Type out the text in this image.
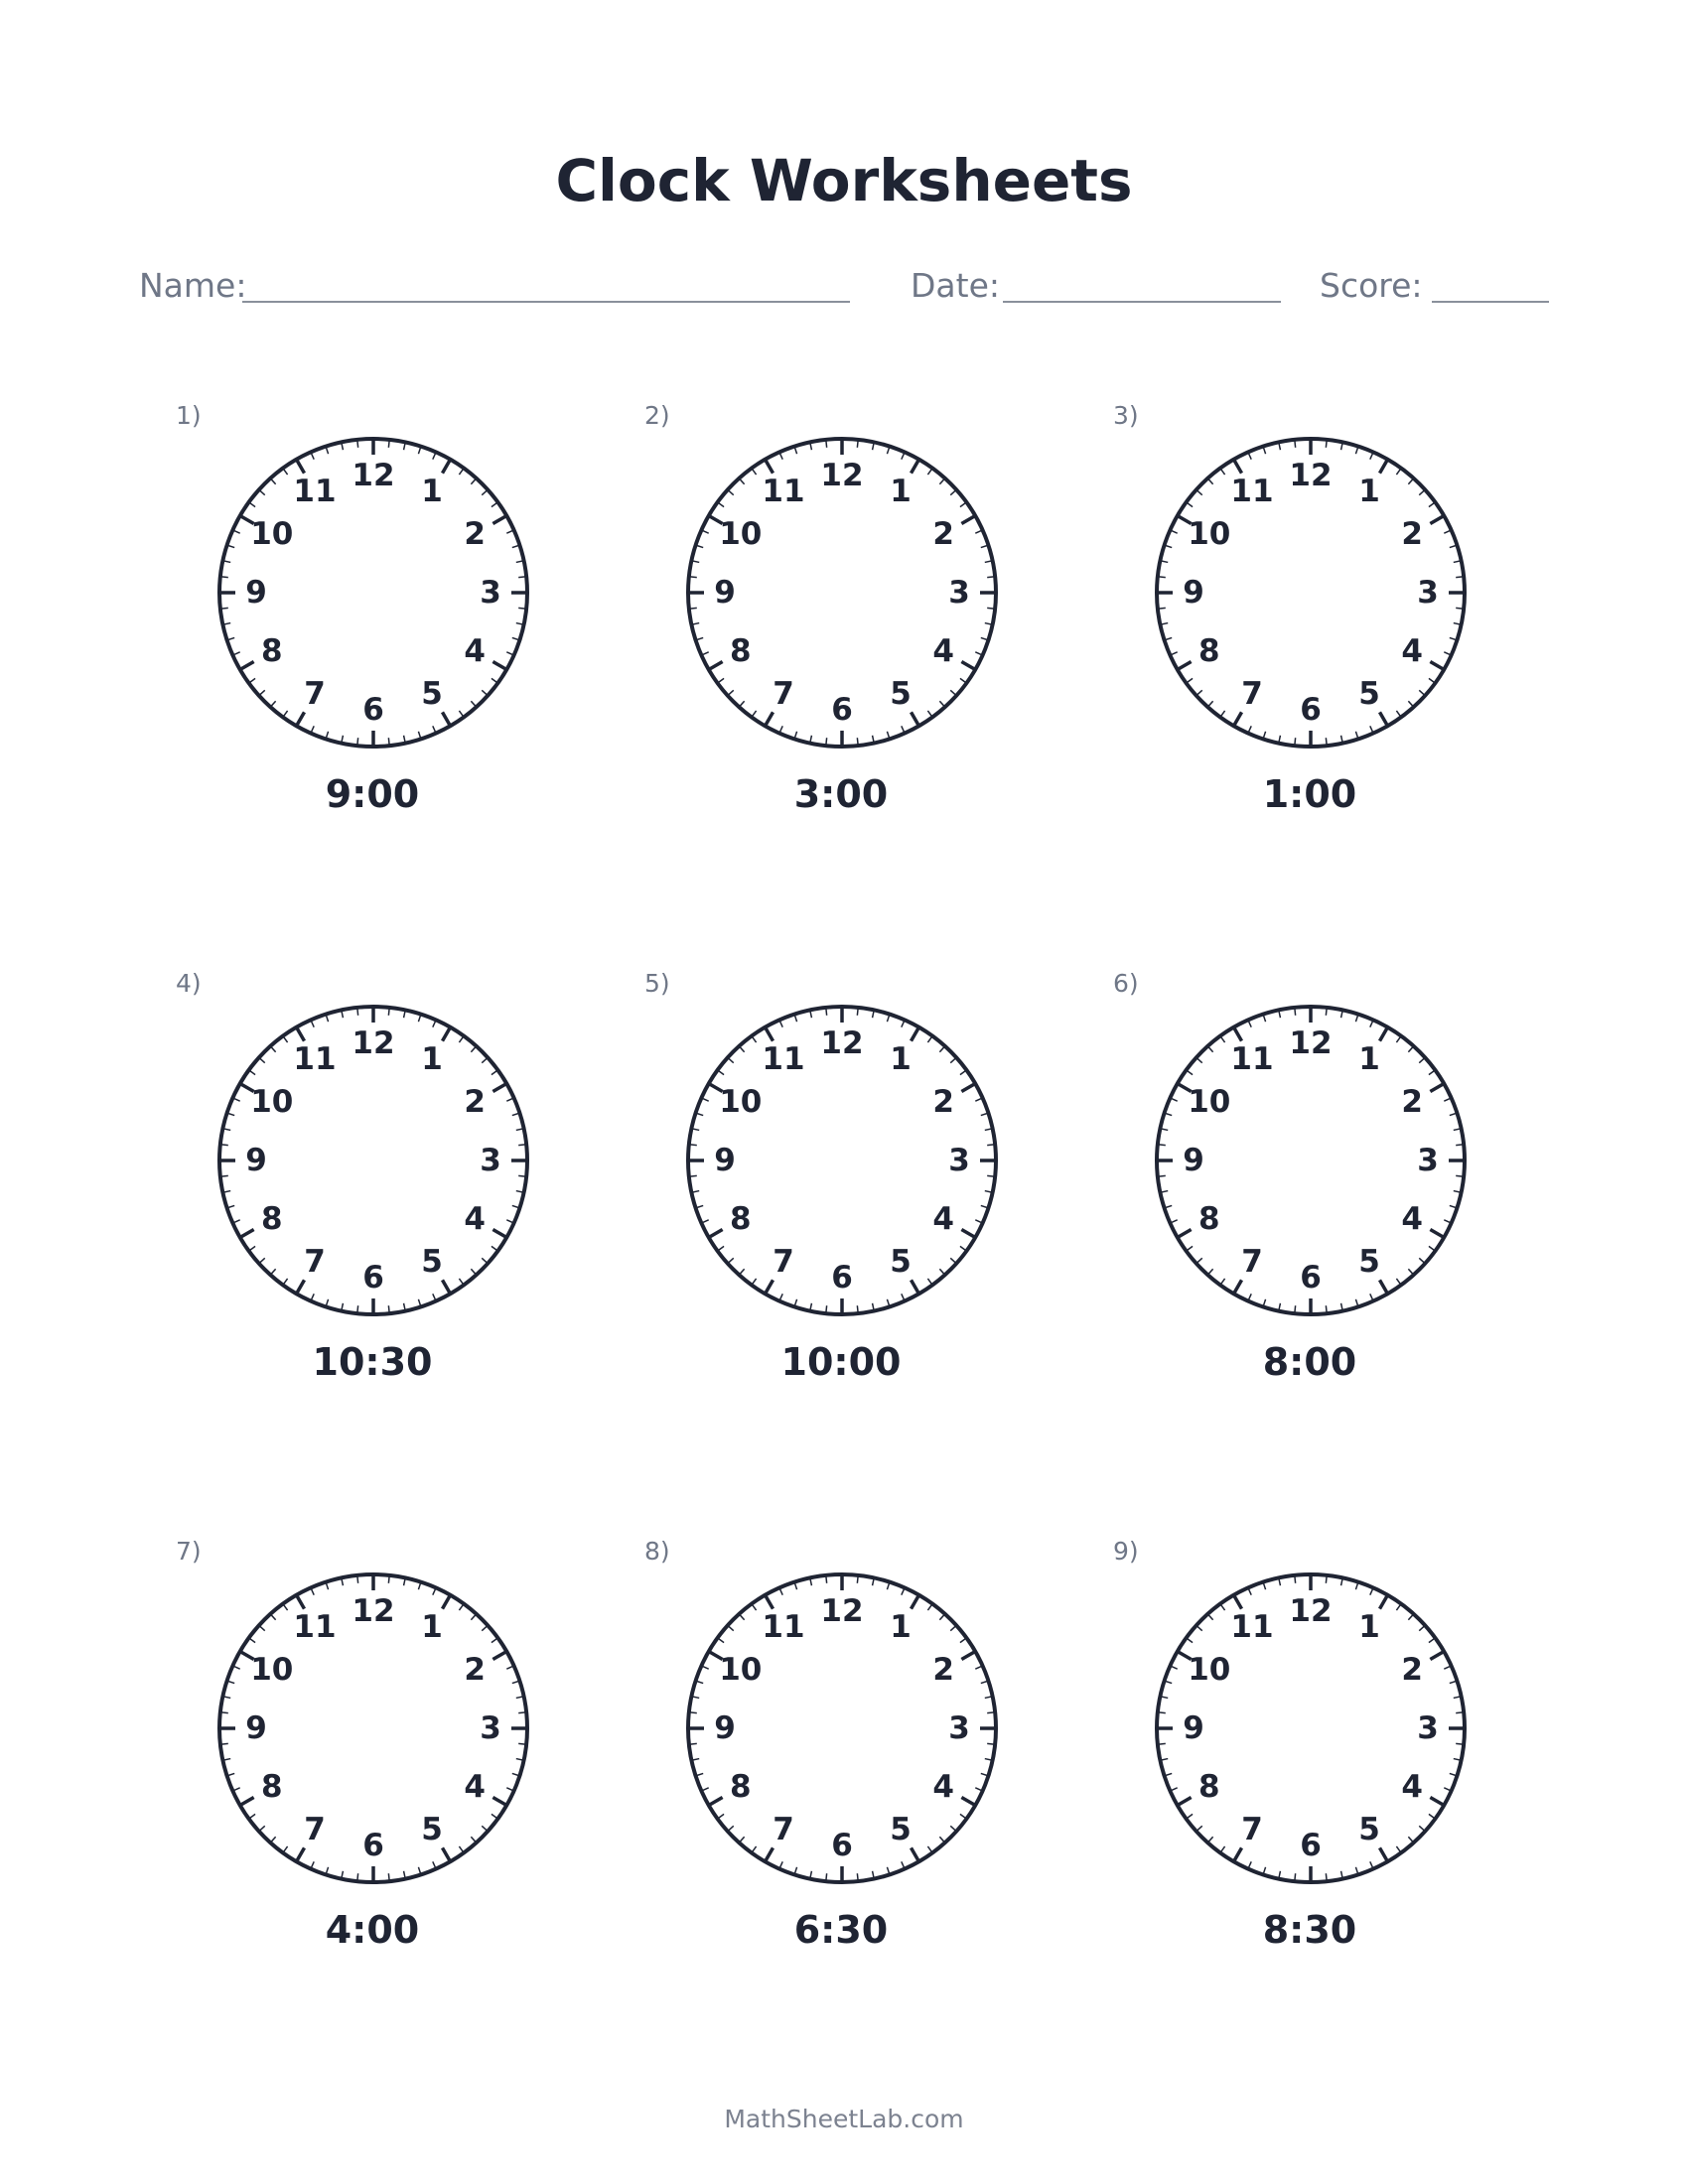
Clock Worksheets
Name:	Date:	Score:
1)
12 1
2
3
4
5
6
7
8
9
10
11
9:00
2)
12 1
2
3
4
5
6
7
8
9
10
11
3:00
3)
12 1
2
3
4
5
6
7
8
9
10
11
1:00
4)
12 1
2
3
4
5
6
7
8
9
10
11
10:30
5)
12 1
2
3
4
5
6
7
8
9
10
11
10:00
6)
12 1
2
3
4
5
6
7
8
9
10
11
8:00
7)
12 1
2
3
4
5
6
7
8
9
10
11
4:00
8)
12 1
2
3
4
5
6
7
8
9
10
11
6:30
9)
12 1
2
3
4
5
6
7
8
9
10
11
8:30
MathSheetLab.com
